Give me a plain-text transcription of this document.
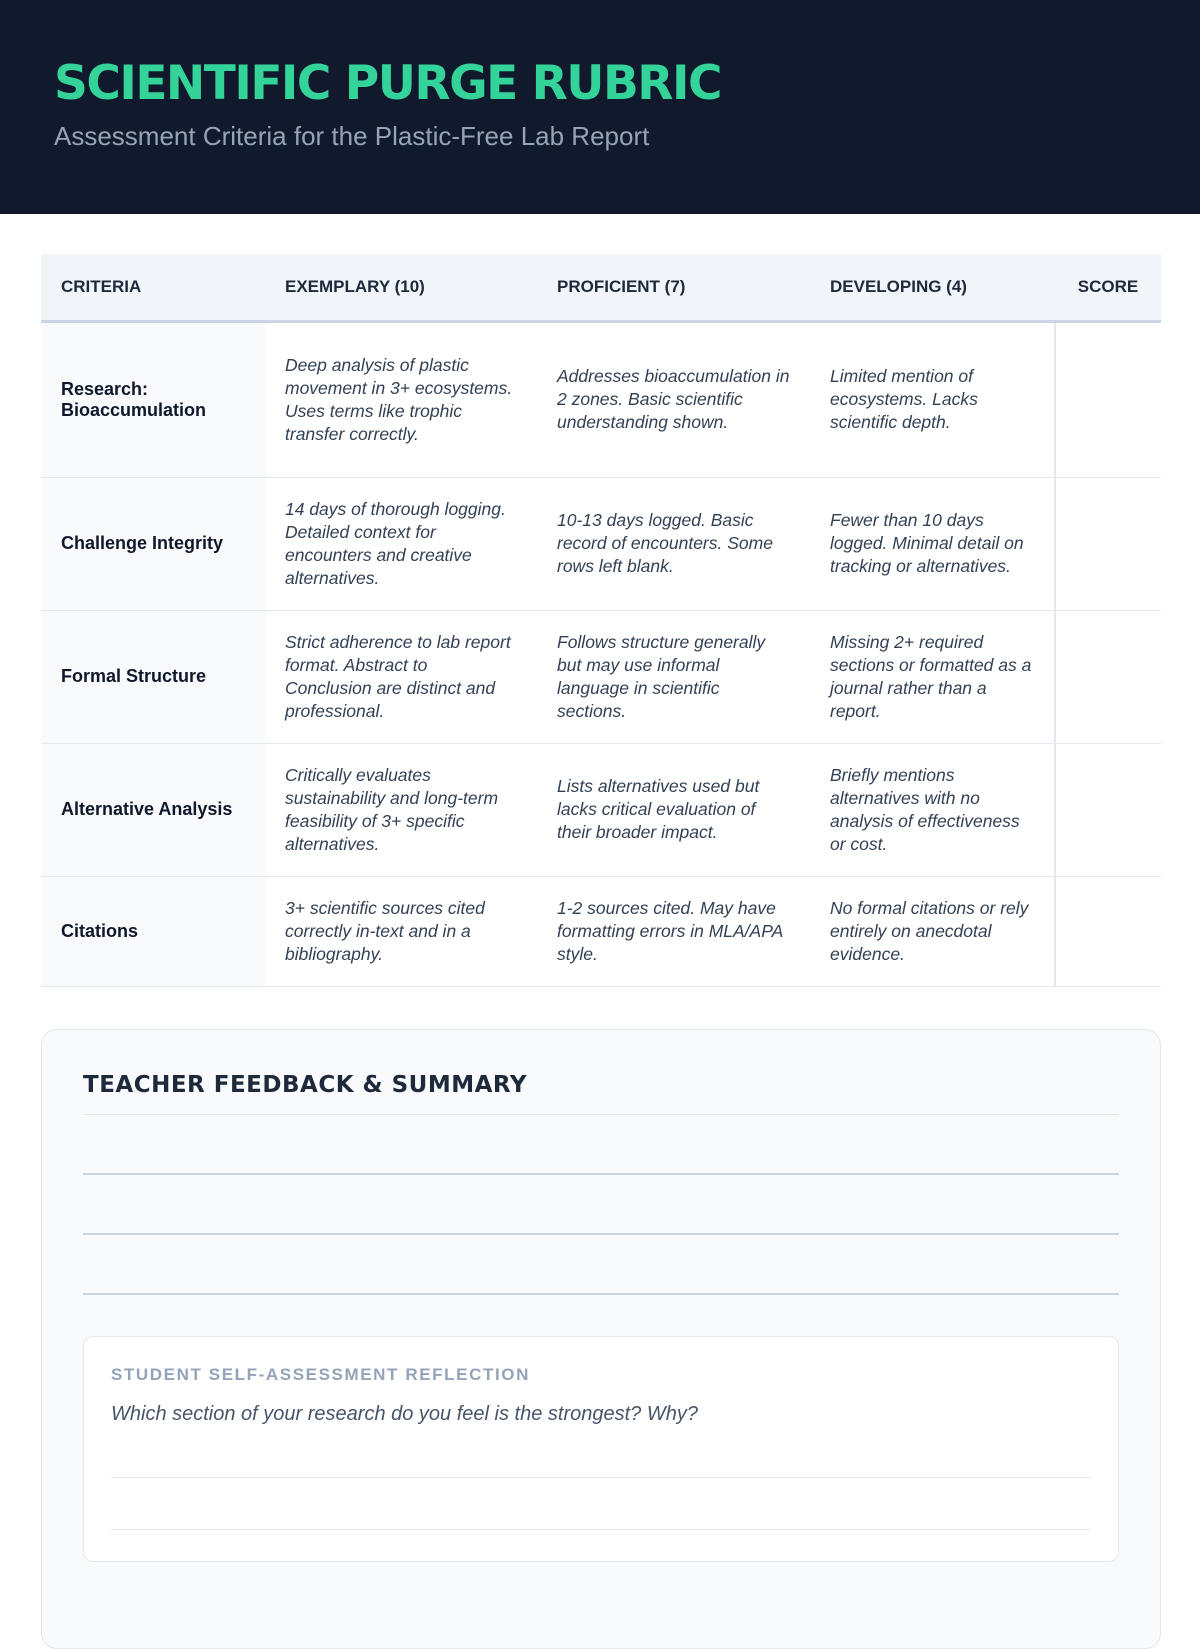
SCIENTIFIC PURGE RUBRIC
Assessment Criteria for the Plastic-Free Lab Report
CRITERIA	EXEMPLARY (10)	PROFICIENT (7)	DEVELOPING (4)	SCORE
Research: Bioaccumulation	Deep analysis of plastic movement in 3+ ecosystems. Uses terms like trophic transfer correctly.	Addresses bioaccumulation in 2 zones. Basic scientific understanding shown.	Limited mention of ecosystems. Lacks scientific depth.	
Challenge Integrity	14 days of thorough logging. Detailed context for encounters and creative alternatives.	10-13 days logged. Basic record of encounters. Some rows left blank.	Fewer than 10 days logged. Minimal detail on tracking or alternatives.	
Formal Structure	Strict adherence to lab report format. Abstract to Conclusion are distinct and professional.	Follows structure generally but may use informal language in scientific sections.	Missing 2+ required sections or formatted as a journal rather than a report.	
Alternative Analysis	Critically evaluates sustainability and long-term feasibility of 3+ specific alternatives.	Lists alternatives used but lacks critical evaluation of their broader impact.	Briefly mentions alternatives with no analysis of effectiveness or cost.	
Citations	3+ scientific sources cited correctly in-text and in a bibliography.	1-2 sources cited. May have formatting errors in MLA/APA style.	No formal citations or rely entirely on anecdotal evidence.	
TEACHER FEEDBACK & SUMMARY
STUDENT SELF-ASSESSMENT REFLECTION
Which section of your research do you feel is the strongest? Why?
